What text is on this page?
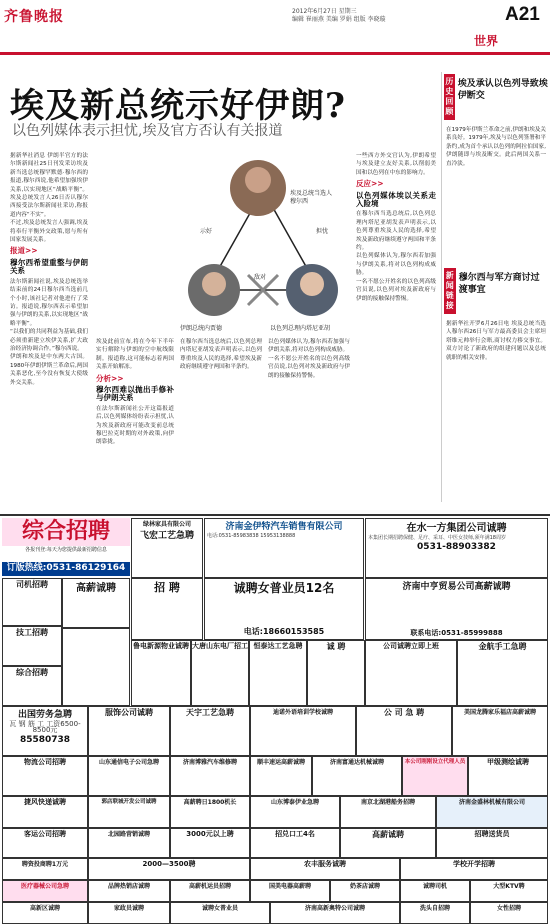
齐鲁晚报	2012年6月27日 星期三
编辑 崔丽燕 美编 罗娟 组版 李晓璇	A21
世界
埃及新总统示好伊朗?
以色列媒体表示担忧,埃及官方否认有关报道

据新华社消息 伊朗半官方的法尔斯新闻社25日刊发采访埃及新当选总统穆罕默德·穆尔西的报道,穆尔西说,他希望加强埃伊关系,以实现地区“战略平衡”。埃及总统发言人26日否认穆尔西接受法尔斯新闻社采访,称报道内容“不实”。

不过,埃及总统发言人强调,埃及将奉行平衡外交政策,愿与所有国家发展关系。

报道>>
穆尔西希望重整与伊朗关系

法尔斯新闻社说,埃及总统选举结束前的24日穆尔西当选前几个小时,该社记者对他进行了采访。报道说,穆尔西表示希望加强与伊朗的关系,以实现地区“战略平衡”。

“以我们的共同利益为基础,我们必须重新建立埃伊关系,扩大政治经济协调合作。”穆尔西说。

伊朗和埃及是中东两大古国。1980年伊朗伊斯兰革命后,两国关系恶化,至今没有恢复大使级外交关系。

埃及此前宣布,将在今年下半年实行解除与伊朗的空中航线限制。报道称,这可能标志着两国关系开始解冻。

分析>>
穆尔西难以抛出手修补与伊朗关系

在法尔斯新闻社公开这篇报道后,以色列媒体纷纷表示担忧,认为埃及新政府可能改变前总统穆巴拉克时期的对外政策,向伊朗靠拢。

在穆尔西当选总统后,以色列总理内塔尼亚胡发表声明表示,以色列尊重埃及人民的选择,希望埃及新政府继续遵守两国和平条约。

以色列媒体认为,穆尔西若加强与伊朗关系,将对以色列构成威胁。

一名不愿公开姓名的以色列高级官员说,以色列对埃及新政府与伊朗的接触保持警惕。

一些西方外交官认为,伊朗希望与埃及建立友好关系,以削弱美国和以色列在中东的影响力。

反应>>
以色列媒体埃以关系走入险境

在穆尔西当选总统后,以色列总理内塔尼亚胡发表声明表示,以色列尊重埃及人民的选择,希望埃及新政府继续遵守两国和平条约。

以色列媒体认为,穆尔西若加强与伊朗关系,将对以色列构成威胁。

一名不愿公开姓名的以色列高级官员说,以色列对埃及新政府与伊朗的接触保持警惕。

埃及总统当选人穆尔西
伊朗总统内贾德	以色列总理内塔尼亚胡
示好	担忧
敌对
历史回顾
埃及承认以色列导致埃伊断交
在1979年伊斯兰革命之前,伊朗和埃及关系良好。1979年,埃及与以色列签署和平条约,成为首个承认以色列的阿拉伯国家,伊朗随即与埃及断交。此后两国关系一直冷淡。
新闻链接
穆尔西与军方商讨过渡事宜
据新华社开罗6月26日电 埃及总统当选人穆尔西26日与军方最高委员会主席坦塔维元帅举行会晤,商讨权力移交事宜。双方讨论了新政府的组建问题以及总统就职的相关安排。
综合招聘
各报刊登:每天为您提供最新招聘信息
订版热线:0531-86129164
司机招聘
技工招聘
综合招聘
高薪诚聘
绿林家具有限公司
飞宏工艺急聘
招 聘
济南金伊特汽车销售有限公司
电话:0531-85983838 15953138888
诚聘女普业员12名
电话:18660153585
在水一方集团公司诚聘
本集团长期招聘保健、足疗、采耳、中医女技师,须年满18周岁
0531-88903382
济南中亨贸易公司高薪诚聘
联系电话:0531-85999888
鲁电新源物业诚聘 大唐山东电厂招工 恒泰达工艺急聘	诚 聘	公司诚聘立即上班	金航手工急聘
出国劳务急聘
瓦 钢 筋 工 工资6500-8500元
85580738
服饰公司诚聘	天宇工艺急聘	迪诺外语培训学校诚聘	公 司 急 聘	美国龙腾家乐福店高薪诚聘
物流公司招聘	山东通信电子公司急聘	济南博雅汽车维修聘	顺丰速运高薪诚聘	济南富通达机械诚聘	本公司刚刚设立代理人员	甲级测绘诚聘
捷风快递诚聘	郭店联城开发公司诚聘	高薪聘日1800机长	山东博泰伊业急聘	南京北湖港船务招聘	济南金盛林机械有限公司
客运公司招聘	北园路营销诚聘	3000元以上聘	招兑口工4名	高薪诚聘	招聘送货员
聘资投商聘1万元	2000—3500聘	农丰服务诚聘	学校开学招聘
医疗器械公司急聘	品牌热销店诚聘	高薪机运员招聘	国美电器高薪聘	奶茶店诚聘	诚聘司机	大型KTV聘
高新区诚聘	家政员诚聘	诚聘女普业员	济南高新奥特公司诚聘	洗头自招聘	女性招聘
